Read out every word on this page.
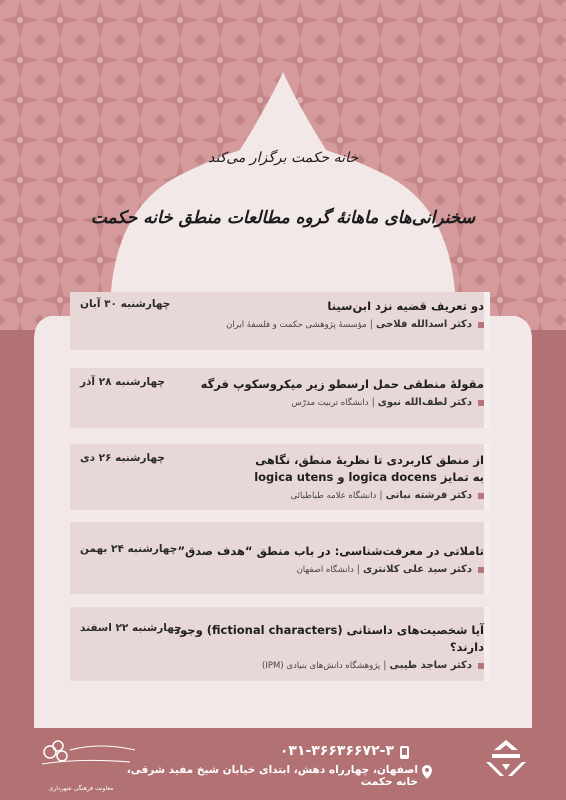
خانه حکمت برگزار می‌کند
سخنرانی‌های ماهانهٔ گروه مطالعات منطق خانه حکمت
چهارشنبه ۳۰ آبان	دو تعریف قضیه نزد ابن‌سینا
دکتر اسدالله فلاحی|مؤسسهٔ پژوهشی حکمت و فلسفهٔ ایران
چهارشنبه ۲۸ آذر	مقولهٔ منطقی حمل ارسطو زیر میکروسکوپ فرگه
دکتر لطف‌الله نبوی|دانشگاه تربیت مدرّس
چهارشنبه ۲۶ دی	از منطق کاربردی تا نظریهٔ منطق، نگاهی
به تمایز logica docens و logica utens
دکتر فرشته نباتی|دانشگاه علامه طباطبائی
چهارشنبه ۲۴ بهمن تاملاتی در معرفت‌شناسی: در باب منطق “هدف صدق”
دکتر سید علی کلانتری|دانشگاه اصفهان
چهارشنبه ۲۲ اسفند
آیا شخصیت‌های داستانی (fictional characters) وجود دارند؟
دکتر ساجد طیبی|پژوهشگاه دانش‌های بنیادی (IPM)
۰۳۱-۳۶۶۳۶۶۷۲-۳
اصفهان، چهارراه دهش، ابتدای خیابان شیخ مفید شرقی، خانه حکمت
معاونت فرهنگی شهرداری
